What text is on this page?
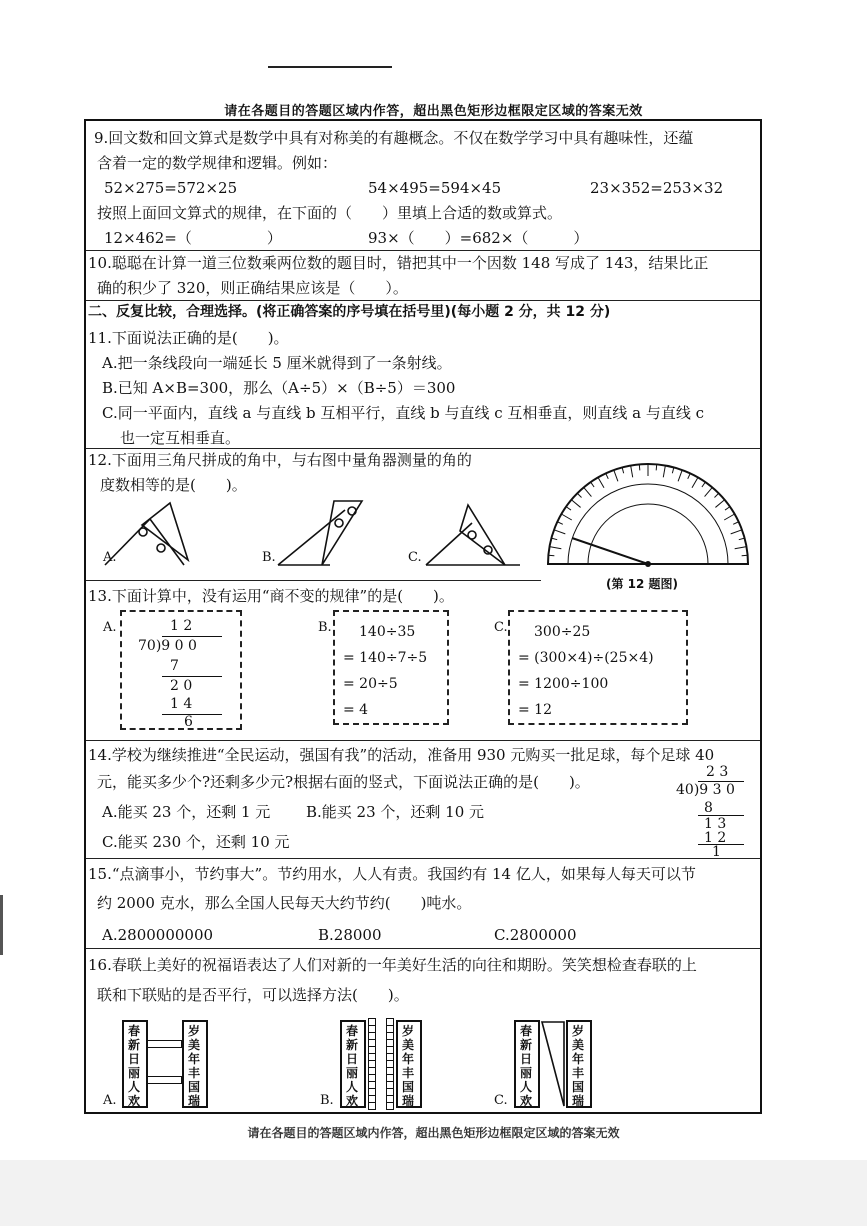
请在各题目的答题区域内作答，超出黑色矩形边框限定区域的答案无效
9.回文数和回文算式是数学中具有对称美的有趣概念。不仅在数学学习中具有趣味性，还蕴
含着一定的数学规律和逻辑。例如：
52×275=572×25	54×495=594×45	23×352=253×32
按照上面回文算式的规律，在下面的（　　）里填上合适的数或算式。
12×462=（　　　　　）	93×（　　）=682×（　　　）
10.聪聪在计算一道三位数乘两位数的题目时，错把其中一个因数 148 写成了 143，结果比正
确的积少了 320，则正确结果应该是（　　）。
二、反复比较，合理选择。(将正确答案的序号填在括号里)(每小题 2 分，共 12 分)
11.下面说法正确的是(　　)。
A.把一条线段向一端延长 5 厘米就得到了一条射线。
B.已知 A×B=300，那么（A÷5）×（B÷5）＝300
C.同一平面内，直线 a 与直线 b 互相平行，直线 b 与直线 c 互相垂直，则直线 a 与直线 c
也一定互相垂直。
12.下面用三角尺拼成的角中，与右图中量角器测量的角的
度数相等的是(　　)。
A.	B.	C.
(第 12 题图)
13.下面计算中，没有运用“商不变的规律”的是(　　)。
A.	1 2
70)9 0 0
7
2 0
1 4
6
B. 140÷35
= 140÷7÷5
= 20÷5
= 4
C. 300÷25
= (300×4)÷(25×4)
= 1200÷100
= 12
14.学校为继续推进“全民运动，强国有我”的活动，准备用 930 元购买一批足球，每个足球 40
元，能买多少个?还剩多少元?根据右面的竖式，下面说法正确的是(　　)。
A.能买 23 个，还剩 1 元 B.能买 23 个，还剩 10 元
C.能买 230 个，还剩 10 元
2 3
40)9 3 0
8
1 3
1 2
1
15.“点滴事小，节约事大”。节约用水，人人有责。我国约有 14 亿人，如果每人每天可以节
约 2000 克水，那么全国人民每天大约节约(　　)吨水。
A.2800000000	B.28000	C.2800000
16.春联上美好的祝福语表达了人们对新的一年美好生活的向往和期盼。笑笑想检查春联的上
联和下联贴的是否平行，可以选择方法(　　)。
A.
春
新
日
丽
人
欢
岁
美
年
丰
国
瑞	B.
春
新
日
丽
人
欢
岁
美
年
丰
国
瑞	C.
春
新
日
丽
人
欢
岁
美
年
丰
国
瑞
请在各题目的答题区域内作答，超出黑色矩形边框限定区域的答案无效
